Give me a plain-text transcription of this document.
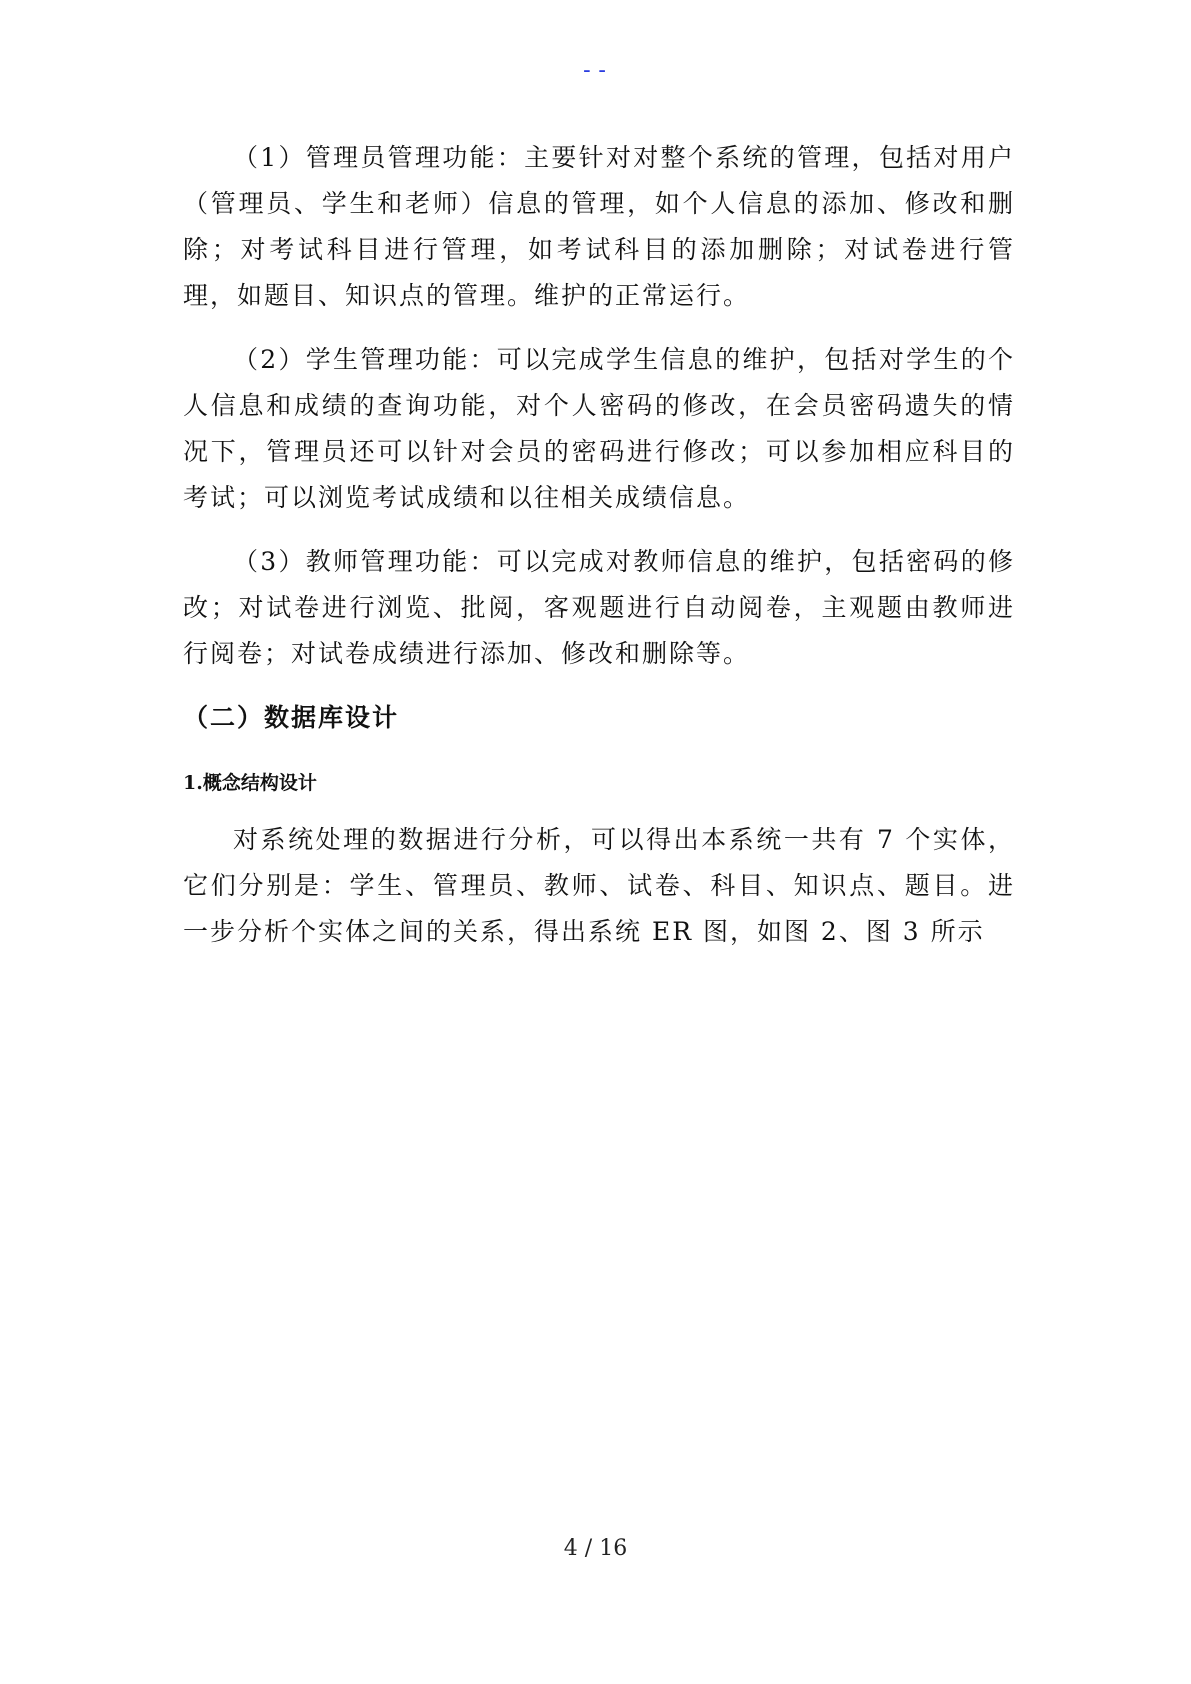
--

（1）管理员管理功能：主要针对对整个系统的管理，包括对用户（管理员、学生和老师）信息的管理，如个人信息的添加、修改和删除；对考试科目进行管理，如考试科目的添加删除；对试卷进行管理，如题目、知识点的管理。维护的正常运行。

（2）学生管理功能：可以完成学生信息的维护，包括对学生的个人信息和成绩的查询功能，对个人密码的修改，在会员密码遗失的情况下，管理员还可以针对会员的密码进行修改；可以参加相应科目的考试；可以浏览考试成绩和以往相关成绩信息。

（3）教师管理功能：可以完成对教师信息的维护，包括密码的修改；对试卷进行浏览、批阅，客观题进行自动阅卷，主观题由教师进行阅卷；对试卷成绩进行添加、修改和删除等。

（二）数据库设计
1.概念结构设计

对系统处理的数据进行分析，可以得出本系统一共有 7 个实体，它们分别是：学生、管理员、教师、试卷、科目、知识点、题目。进一步分析个实体之间的关系，得出系统 ER 图，如图 2、图 3 所示

4 / 16
